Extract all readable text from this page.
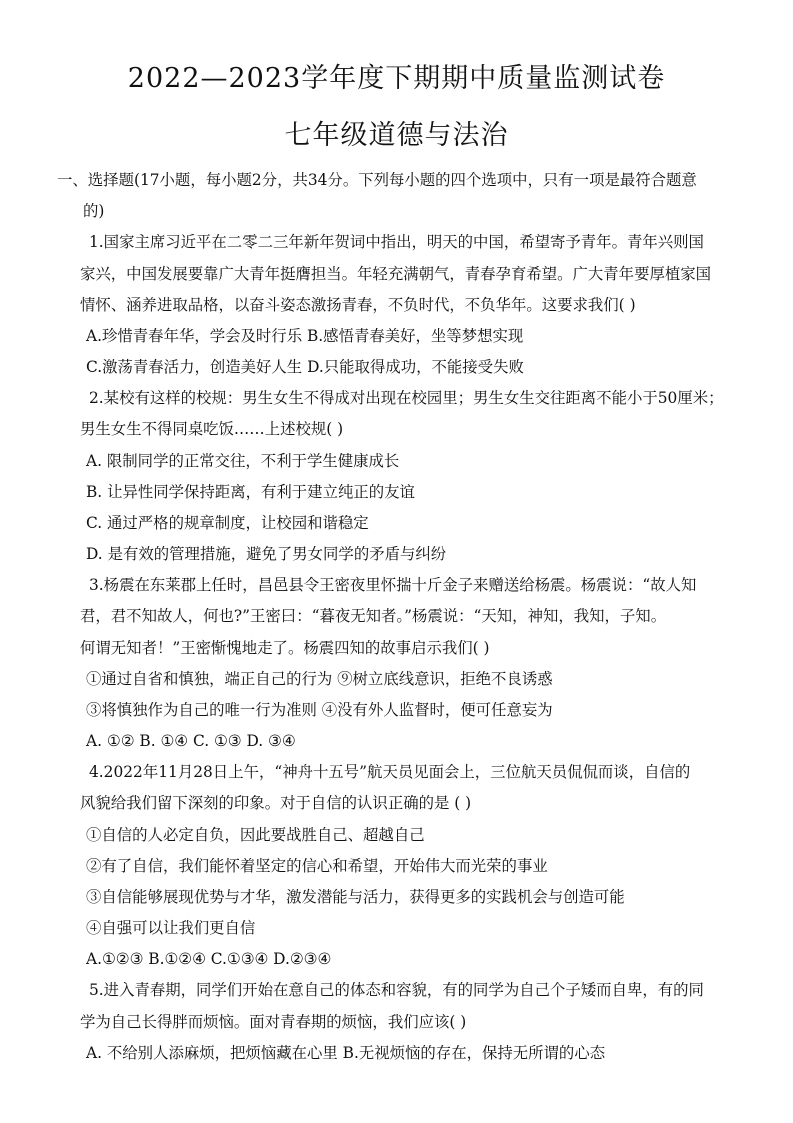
2022—2023学年度下期期中质量监测试卷
七年级道德与法治
一、选择题(17小题，每小题2分，共34分。下列每小题的四个选项中，只有一项是最符合题意
的)
1.国家主席习近平在二零二三年新年贺词中指出，明天的中国，希望寄予青年。青年兴则国
家兴，中国发展要靠广大青年挺膺担当。年轻充满朝气，青春孕育希望。广大青年要厚植家国
情怀、涵养进取品格，以奋斗姿态激扬青春，不负时代，不负华年。这要求我们( )
A.珍惜青春年华，学会及时行乐 B.感悟青春美好，坐等梦想实现
C.激荡青春活力，创造美好人生 D.只能取得成功，不能接受失败
2.某校有这样的校规：男生女生不得成对出现在校园里；男生女生交往距离不能小于50厘米；
男生女生不得同桌吃饭……上述校规( )
A. 限制同学的正常交往，不利于学生健康成长
B. 让异性同学保持距离，有利于建立纯正的友谊
C. 通过严格的规章制度，让校园和谐稳定
D. 是有效的管理措施，避免了男女同学的矛盾与纠纷
3.杨震在东莱郡上任时，昌邑县令王密夜里怀揣十斤金子来赠送给杨震。杨震说：“故人知
君，君不知故人，何也?”王密曰：“暮夜无知者。”杨震说：“天知，神知，我知，子知。
何谓无知者！”王密惭愧地走了。杨震四知的故事启示我们( )
①通过自省和慎独，端正自己的行为 ⑨树立底线意识，拒绝不良诱惑
③将慎独作为自己的唯一行为准则 ④没有外人监督时，便可任意妄为
A. ①② B. ①④ C. ①③ D. ③④
4.2022年11月28日上午，“神舟十五号”航天员见面会上，三位航天员侃侃而谈，自信的
风貌给我们留下深刻的印象。对于自信的认识正确的是 ( )
①自信的人必定自负，因此要战胜自己、超越自己
②有了自信，我们能怀着坚定的信心和希望，开始伟大而光荣的事业
③自信能够展现优势与才华，激发潜能与活力，获得更多的实践机会与创造可能
④自强可以让我们更自信
A.①②③ B.①②④ C.①③④ D.②③④
5.进入青春期，同学们开始在意自己的体态和容貌，有的同学为自己个子矮而自卑，有的同
学为自己长得胖而烦恼。面对青春期的烦恼，我们应该( )
A. 不给别人添麻烦，把烦恼藏在心里 B.无视烦恼的存在，保持无所谓的心态
